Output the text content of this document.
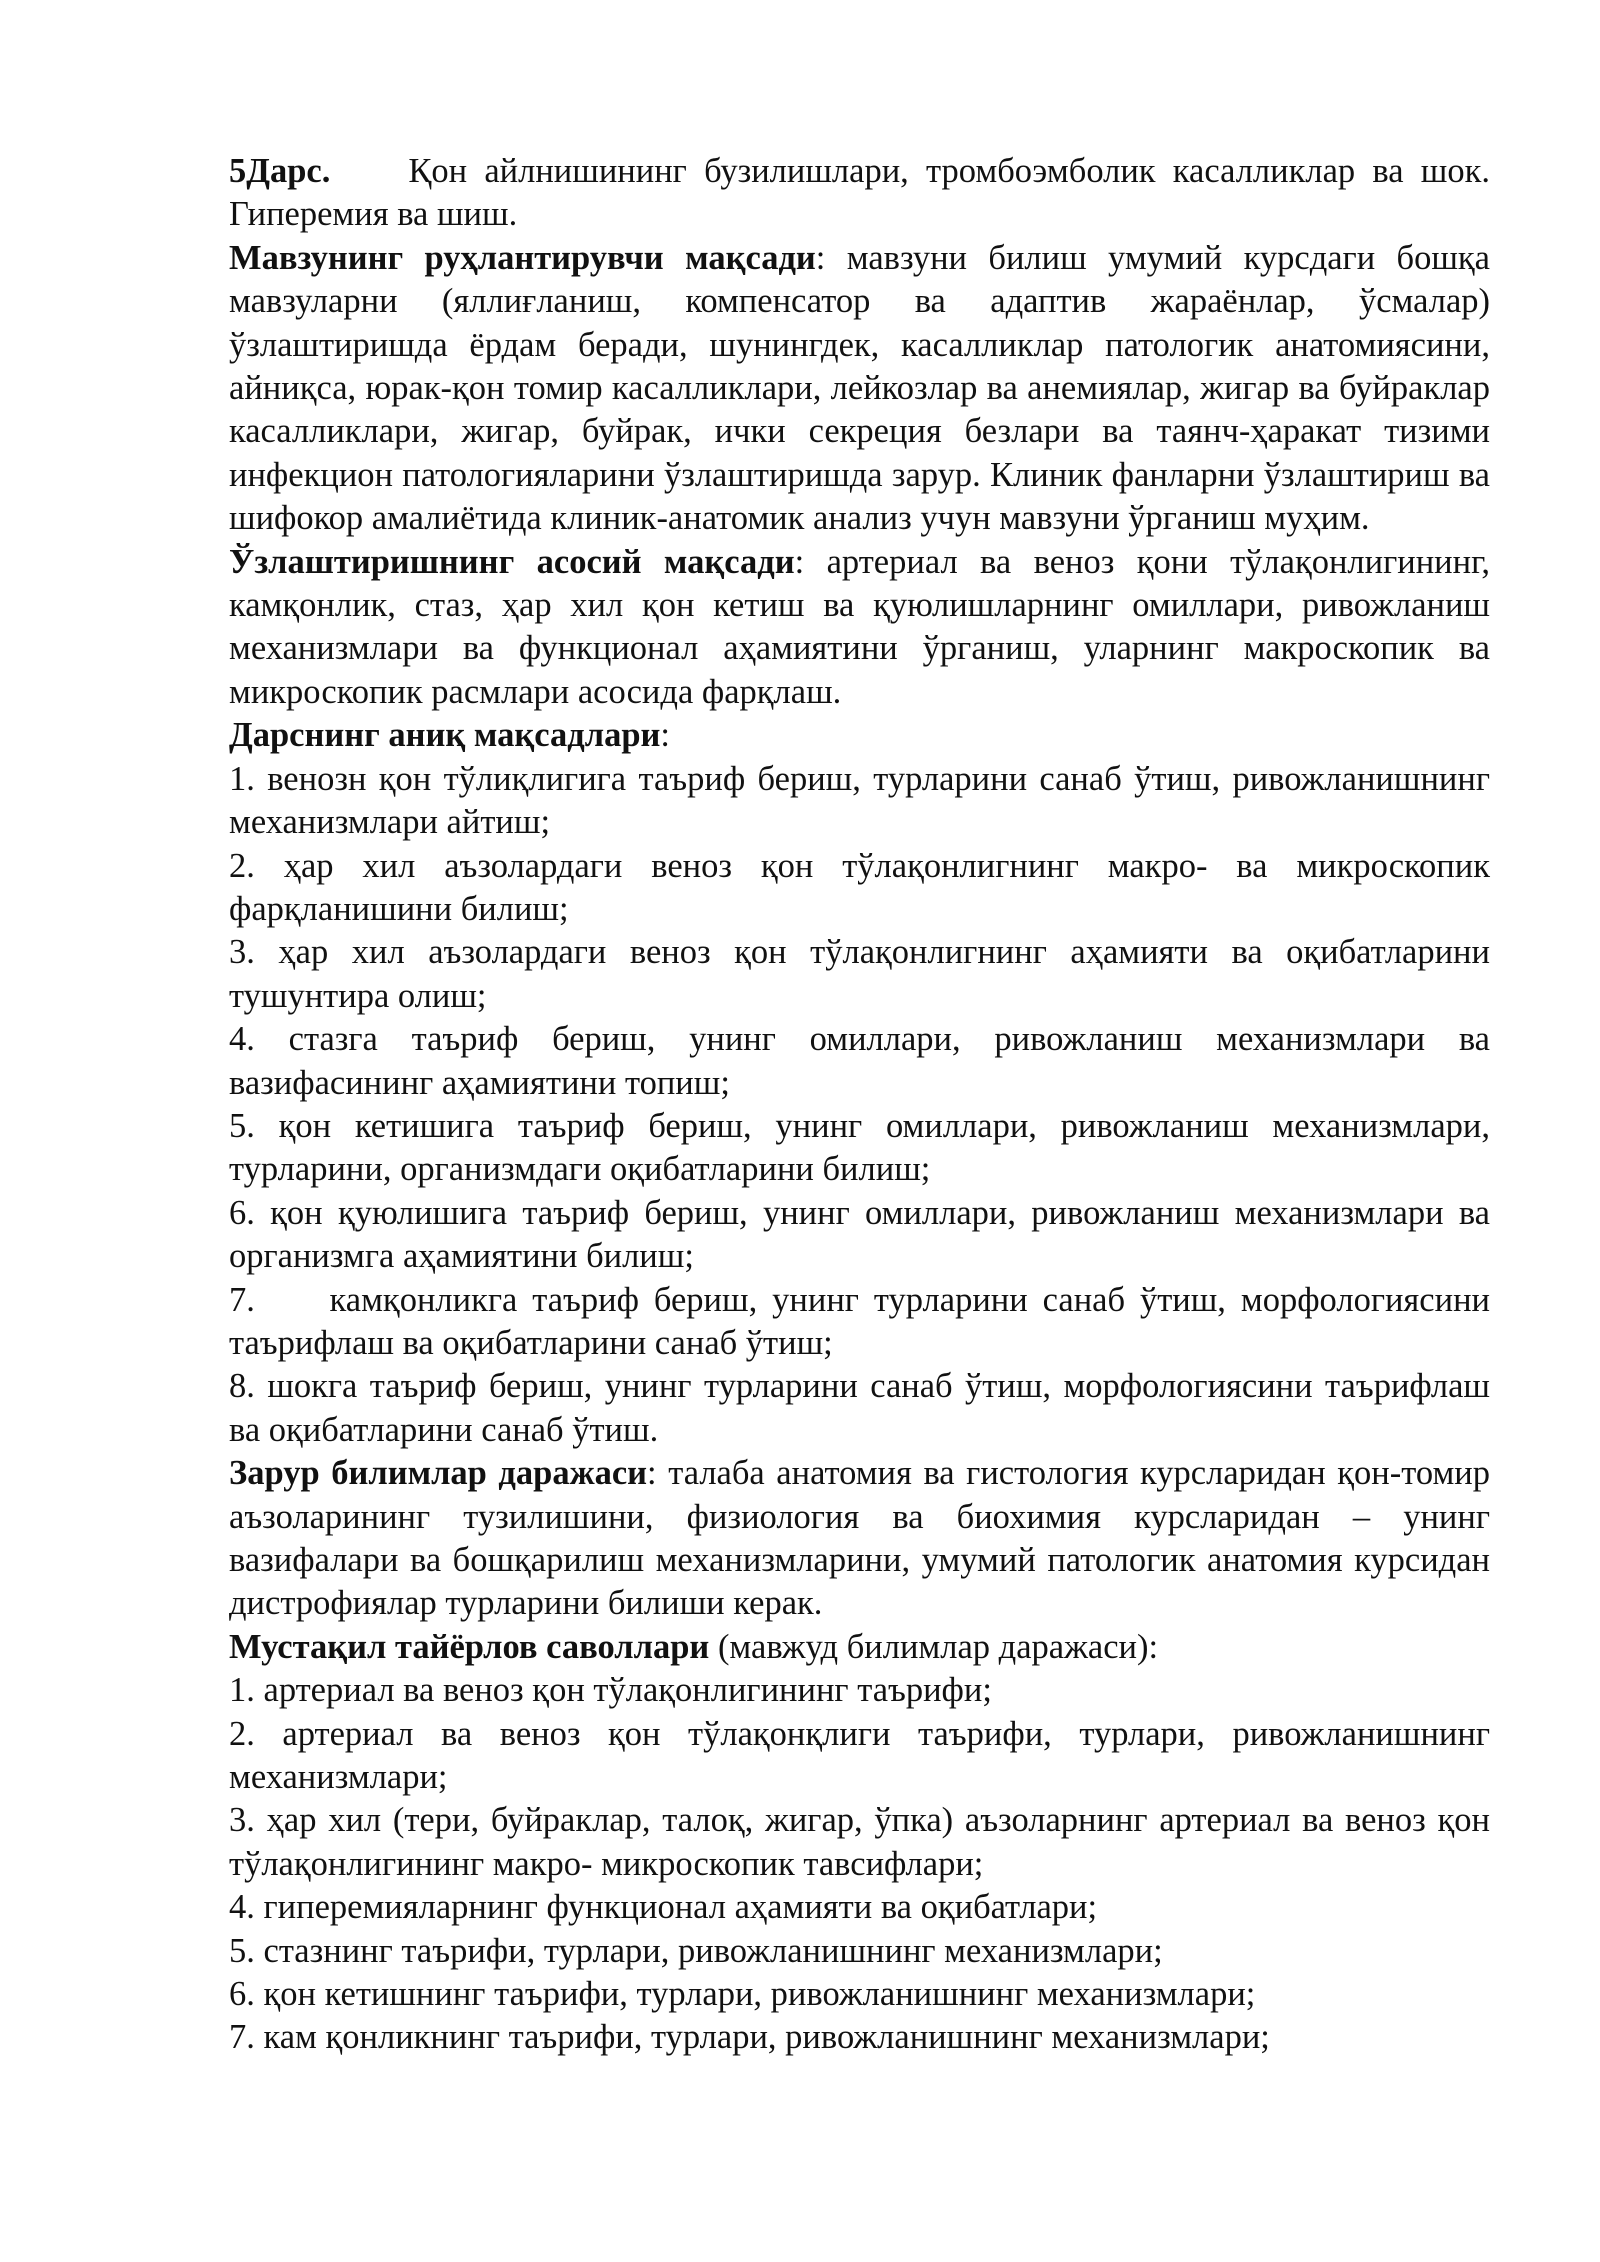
5Дарс. Қон айлнишининг бузилишлари, тромбоэмболик касалликлар ва шок. Гиперемия ва шиш.

Мавзунинг руҳлантирувчи мақсади: мавзуни билиш умумий курсдаги бошқа мавзуларни (яллиғланиш, компенсатор ва адаптив жараёнлар, ўсмалар) ўзлаштиришда ёрдам беради, шунингдек, касалликлар патологик анатомиясини, айниқса, юрак-қон томир касалликлари, лейкозлар ва анемиялар, жигар ва буйраклар касалликлари, жигар, буйрак, ички секреция безлари ва таянч-ҳаракат тизими инфекцион патологияларини ўзлаштиришда зарур. Клиник фанларни ўзлаштириш ва шифокор амалиётида клиник-анатомик анализ учун мавзуни ўрганиш муҳим.

Ўзлаштиришнинг асосий мақсади: артериал ва веноз қони тўлақонлигининг, камқонлик, стаз, ҳар хил қон кетиш ва қуюлишларнинг омиллари, ривожланиш механизмлари ва функционал аҳамиятини ўрганиш, уларнинг макроскопик ва микроскопик расмлари асосида фарқлаш.

Дарснинг аниқ мақсадлари:

1. венозн қон тўлиқлигига таъриф бериш, турларини санаб ўтиш, ривожланишнинг механизмлари айтиш;

2. ҳар хил аъзолардаги веноз қон тўлақонлигнинг макро- ва микроскопик фарқланишини билиш;

3. ҳар хил аъзолардаги веноз қон тўлақонлигнинг аҳамияти ва оқибатларини тушунтира олиш;

4. стазга таъриф бериш, унинг омиллари, ривожланиш механизмлари ва вазифасининг аҳамиятини топиш;

5. қон кетишига таъриф бериш, унинг омиллари, ривожланиш механизмлари, турларини, организмдаги оқибатларини билиш;

6. қон қуюлишига таъриф бериш, унинг омиллари, ривожланиш механизмлари ва организмга аҳамиятини билиш;

7.     камқонликга таъриф бериш, унинг турларини санаб ўтиш, морфологиясини таърифлаш ва оқибатларини санаб ўтиш;

8. шокга таъриф бериш, унинг турларини санаб ўтиш, морфологиясини таърифлаш ва оқибатларини санаб ўтиш.

Зарур билимлар даражаси: талаба анатомия ва гистология курсларидан қон-томир аъзоларининг тузилишини, физиология ва биохимия курсларидан – унинг вазифалари ва бошқарилиш механизмларини, умумий патологик анатомия курсидан дистрофиялар турларини билиши керак.

Мустақил тайёрлов саволлари (мавжуд билимлар даражаси):

1. артериал ва веноз қон тўлақонлигининг таърифи;

2. артериал ва веноз қон тўлақонқлиги таърифи, турлари, ривожланишнинг механизмлари;

3. ҳар хил (тери, буйраклар, талоқ, жигар, ўпка) аъзоларнинг артериал ва веноз қон тўлақонлигининг макро- микроскопик тавсифлари;

4. гиперемияларнинг функционал аҳамияти ва оқибатлари;

5. стазнинг таърифи, турлари, ривожланишнинг механизмлари;

6. қон кетишнинг таърифи, турлари, ривожланишнинг механизмлари;

7. кам қонликнинг таърифи, турлари, ривожланишнинг механизмлари;
